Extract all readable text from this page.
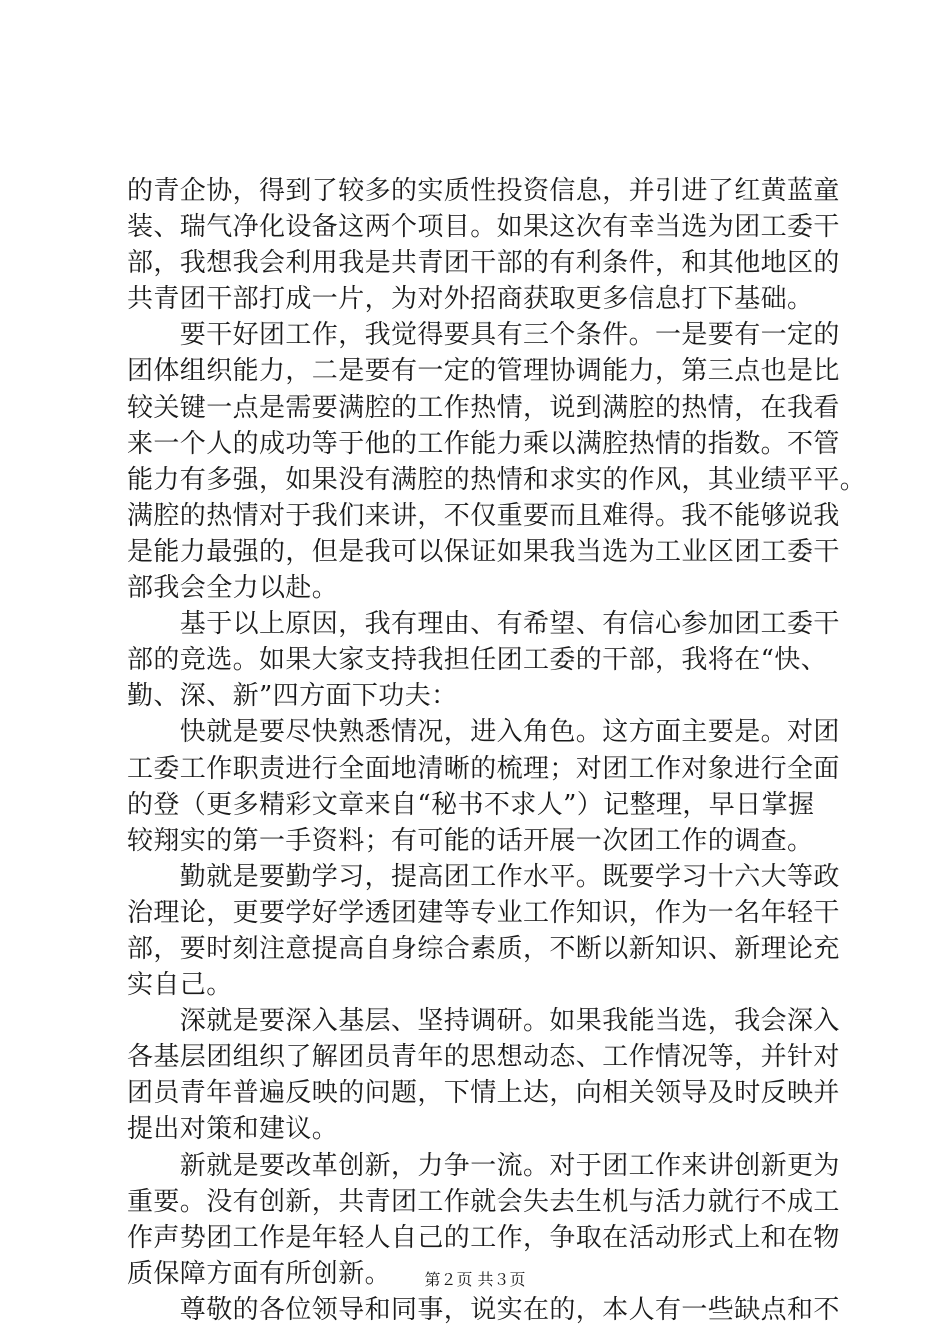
的青企协，得到了较多的实质性投资信息，并引进了红黄蓝童
装、瑞气净化设备这两个项目。如果这次有幸当选为团工委干
部，我想我会利用我是共青团干部的有利条件，和其他地区的
共青团干部打成一片，为对外招商获取更多信息打下基础。
　　要干好团工作，我觉得要具有三个条件。一是要有一定的
团体组织能力，二是要有一定的管理协调能力，第三点也是比
较关键一点是需要满腔的工作热情，说到满腔的热情，在我看
来一个人的成功等于他的工作能力乘以满腔热情的指数。不管
能力有多强，如果没有满腔的热情和求实的作风，其业绩平平。
满腔的热情对于我们来讲，不仅重要而且难得。我不能够说我
是能力最强的，但是我可以保证如果我当选为工业区团工委干
部我会全力以赴。
　　基于以上原因，我有理由、有希望、有信心参加团工委干
部的竞选。如果大家支持我担任团工委的干部，我将在“快、
勤、深、新”四方面下功夫：
　　快就是要尽快熟悉情况，进入角色。这方面主要是。对团
工委工作职责进行全面地清晰的梳理；对团工作对象进行全面
的登（更多精彩文章来自“秘书不求人”）记整理，早日掌握
较翔实的第一手资料；有可能的话开展一次团工作的调查。
　　勤就是要勤学习，提高团工作水平。既要学习十六大等政
治理论，更要学好学透团建等专业工作知识，作为一名年轻干
部，要时刻注意提高自身综合素质，不断以新知识、新理论充
实自己。
　　深就是要深入基层、坚持调研。如果我能当选，我会深入
各基层团组织了解团员青年的思想动态、工作情况等，并针对
团员青年普遍反映的问题，下情上达，向相关领导及时反映并
提出对策和建议。
　　新就是要改革创新，力争一流。对于团工作来讲创新更为
重要。没有创新，共青团工作就会失去生机与活力就行不成工
作声势团工作是年轻人自己的工作，争取在活动形式上和在物
质保障方面有所创新。
　　尊敬的各位领导和同事，说实在的，本人有一些缺点和不
第２页 共３页
